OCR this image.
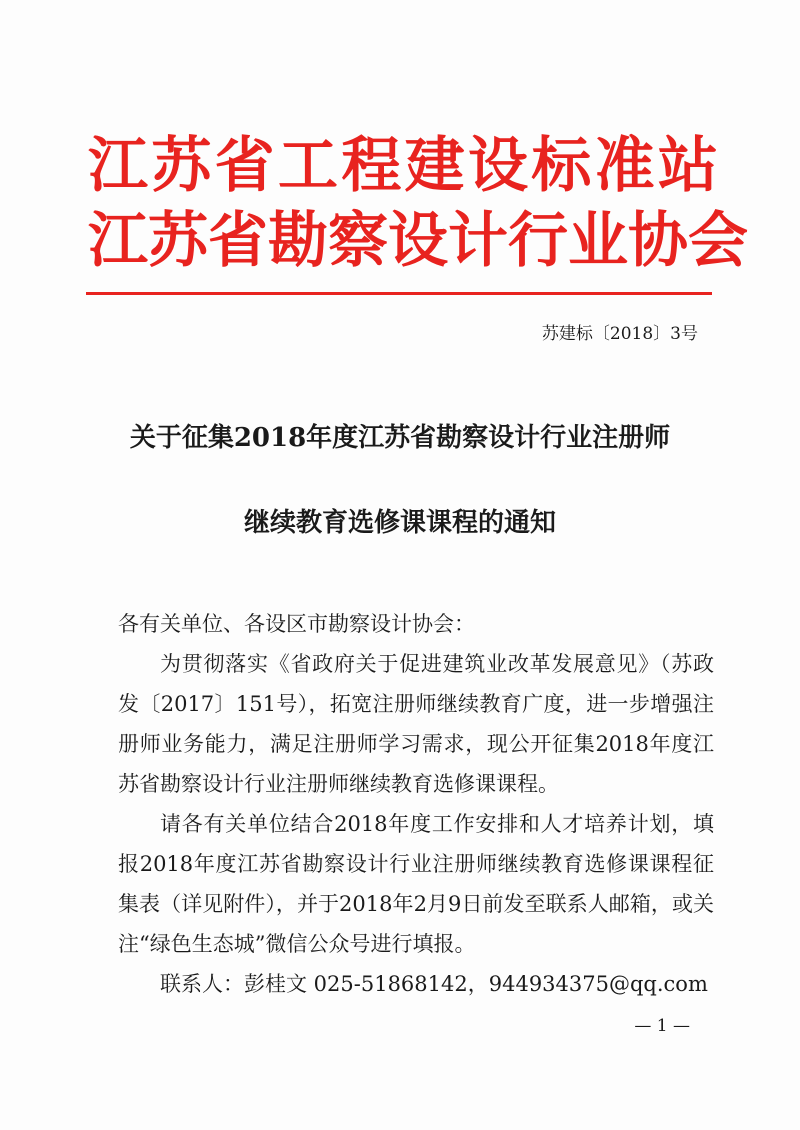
江苏省工程建设标准站
江苏省勘察设计行业协会
苏建标〔2018〕3号
关于征集2018年度江苏省勘察设计行业注册师
继续教育选修课课程的通知
各有关单位、各设区市勘察设计协会：

为贯彻落实《省政府关于促进建筑业改革发展意见》（苏政发〔2017〕151号），拓宽注册师继续教育广度，进一步增强注册师业务能力，满足注册师学习需求，现公开征集2018年度江苏省勘察设计行业注册师继续教育选修课课程。

请各有关单位结合2018年度工作安排和人才培养计划，填报2018年度江苏省勘察设计行业注册师继续教育选修课课程征集表（详见附件），并于2018年2月9日前发至联系人邮箱，或关注“绿色生态城”微信公众号进行填报。

联系人：彭桂文 025-51868142，944934375@qq.com

— 1 —
